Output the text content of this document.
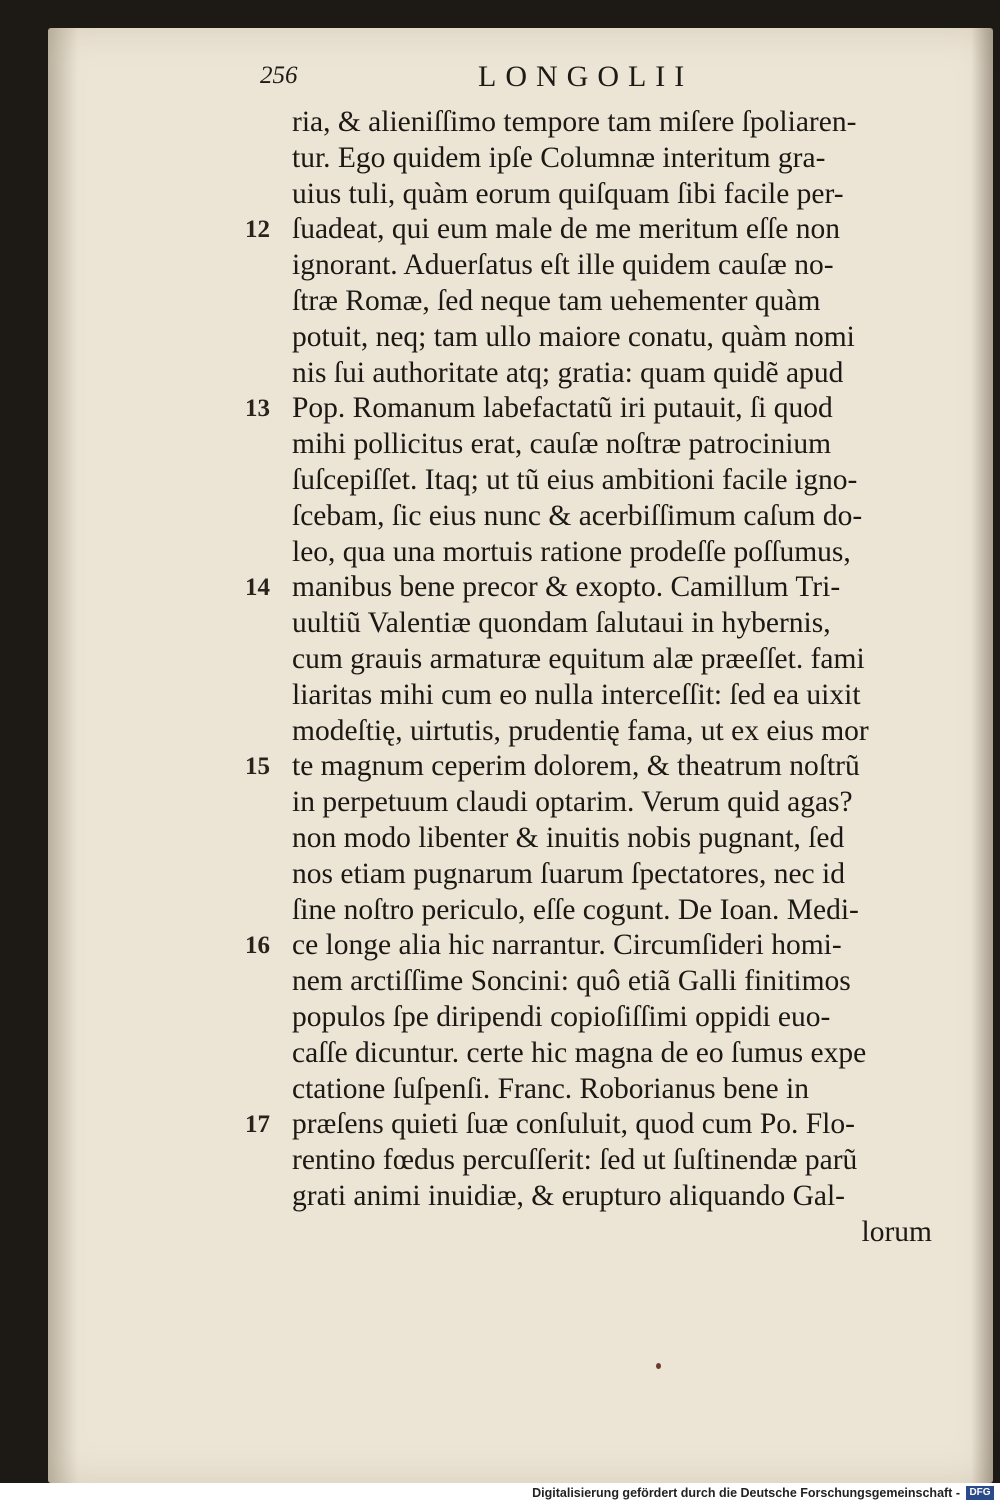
256	LONGOLII
12
13
14
15
16
17
ria, & alieniſſimo tempore tam miſere ſpoliaren-
tur. Ego quidem ipſe Columnæ interitum gra-
uius tuli, quàm eorum quiſquam ſibi facile per-
ſuadeat, qui eum male de me meritum eſſe non
ignorant. Aduerſatus eſt ille quidem cauſæ no-
ſtræ Romæ, ſed neque tam uehementer quàm
potuit, neq; tam ullo maiore conatu, quàm nomi
nis ſui authoritate atq; gratia: quam quidẽ apud
Pop. Romanum labefactatũ iri putauit, ſi quod
mihi pollicitus erat, cauſæ noſtræ patrocinium
ſuſcepiſſet. Itaq; ut tũ eius ambitioni facile igno-
ſcebam, ſic eius nunc & acerbiſſimum caſum do-
leo, qua una mortuis ratione prodeſſe poſſumus,
manibus bene precor & exopto. Camillum Tri-
uultiũ Valentiæ quondam ſalutaui in hybernis,
cum grauis armaturæ equitum alæ præeſſet. fami
liaritas mihi cum eo nulla interceſſit: ſed ea uixit
modeſtię, uirtutis, prudentię fama, ut ex eius mor
te magnum ceperim dolorem, & theatrum noſtrũ
in perpetuum claudi optarim. Verum quid agas?
non modo libenter & inuitis nobis pugnant, ſed
nos etiam pugnarum ſuarum ſpectatores, nec id
ſine noſtro periculo, eſſe cogunt. De Ioan. Medi-
ce longe alia hic narrantur. Circumſideri homi-
nem arctiſſime Soncini: quô etiã Galli finitimos
populos ſpe diripendi copioſiſſimi oppidi euo-
caſſe dicuntur. certe hic magna de eo ſumus expe
ctatione ſuſpenſi. Franc. Roborianus bene in
præſens quieti ſuæ conſuluit, quod cum Po. Flo-
rentino fœdus percuſſerit: ſed ut ſuſtinendæ parũ
grati animi inuidiæ, & erupturo aliquando Gal-
lorum
Digitalisierung gefördert durch die Deutsche Forschungsgemeinschaft - DFG
